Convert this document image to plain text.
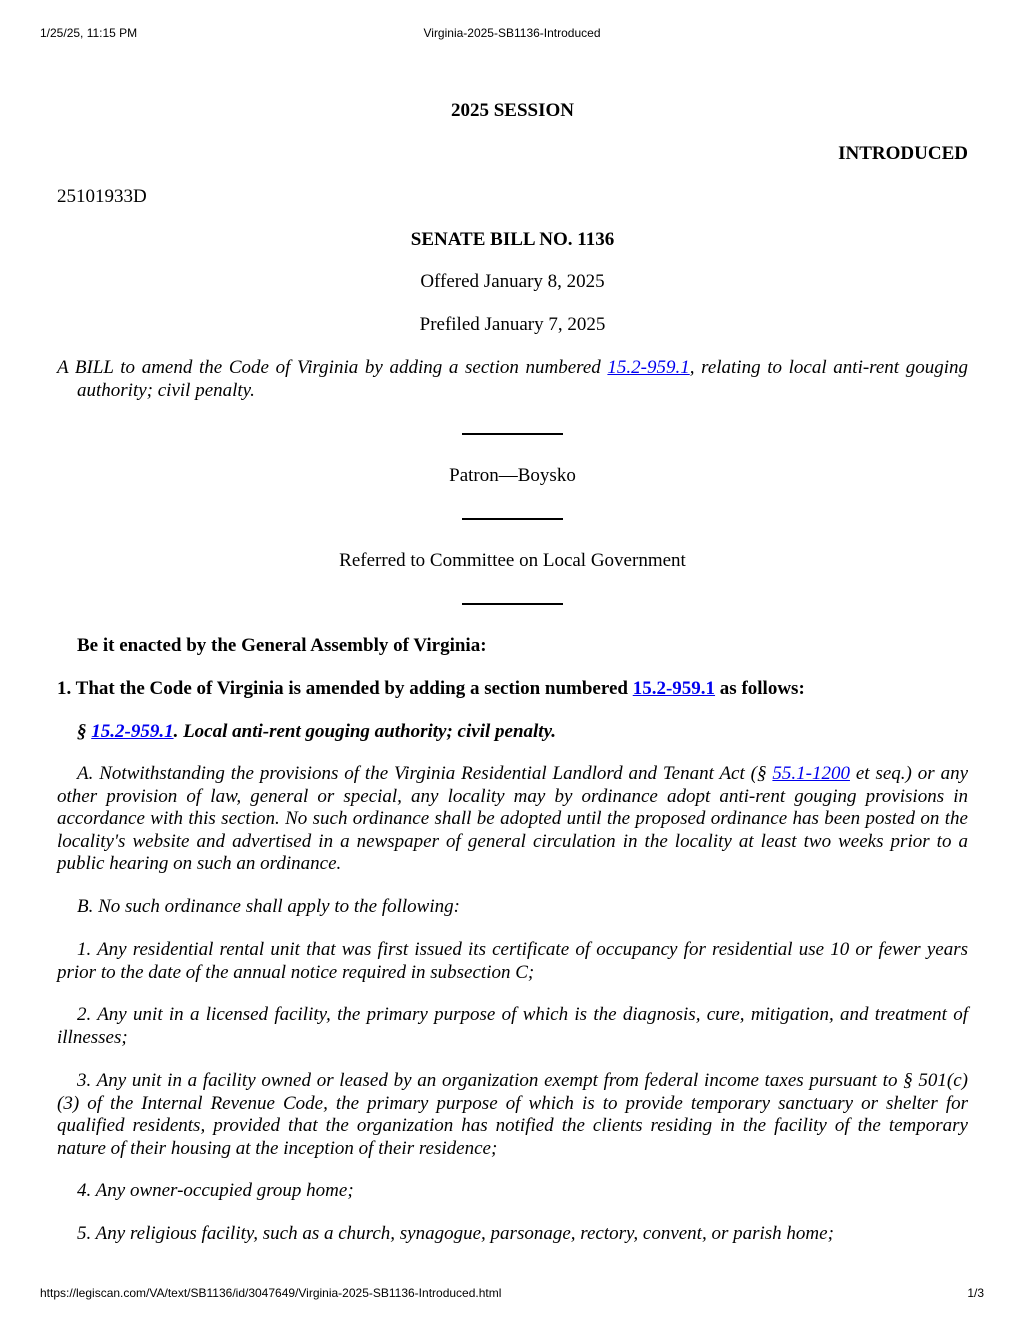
1/25/25, 11:15 PM	Virginia-2025-SB1136-Introduced

2025 SESSION

INTRODUCED

25101933D

SENATE BILL NO. 1136

Offered January 8, 2025

Prefiled January 7, 2025

A BILL to amend the Code of Virginia by adding a section numbered 15.2-959.1, relating to local anti-rent gouging authority; civil penalty.

Patron—Boysko

Referred to Committee on Local Government

Be it enacted by the General Assembly of Virginia:

1. That the Code of Virginia is amended by adding a section numbered 15.2-959.1 as follows:

§ 15.2-959.1. Local anti-rent gouging authority; civil penalty.

A. Notwithstanding the provisions of the Virginia Residential Landlord and Tenant Act (§ 55.1-1200 et seq.) or any other provision of law, general or special, any locality may by ordinance adopt anti-rent gouging provisions in accordance with this section. No such ordinance shall be adopted until the proposed ordinance has been posted on the locality's website and advertised in a newspaper of general circulation in the locality at least two weeks prior to a public hearing on such an ordinance.

B. No such ordinance shall apply to the following:

1. Any residential rental unit that was first issued its certificate of occupancy for residential use 10 or fewer years prior to the date of the annual notice required in subsection C;

2. Any unit in a licensed facility, the primary purpose of which is the diagnosis, cure, mitigation, and treatment of illnesses;

3. Any unit in a facility owned or leased by an organization exempt from federal income taxes pursuant to § 501(c)(3) of the Internal Revenue Code, the primary purpose of which is to provide temporary sanctuary or shelter for qualified residents, provided that the organization has notified the clients residing in the facility of the temporary nature of their housing at the inception of their residence;

4. Any owner-occupied group home;

5. Any religious facility, such as a church, synagogue, parsonage, rectory, convent, or parish home;

https://legiscan.com/VA/text/SB1136/id/3047649/Virginia-2025-SB1136-Introduced.html	1/3
